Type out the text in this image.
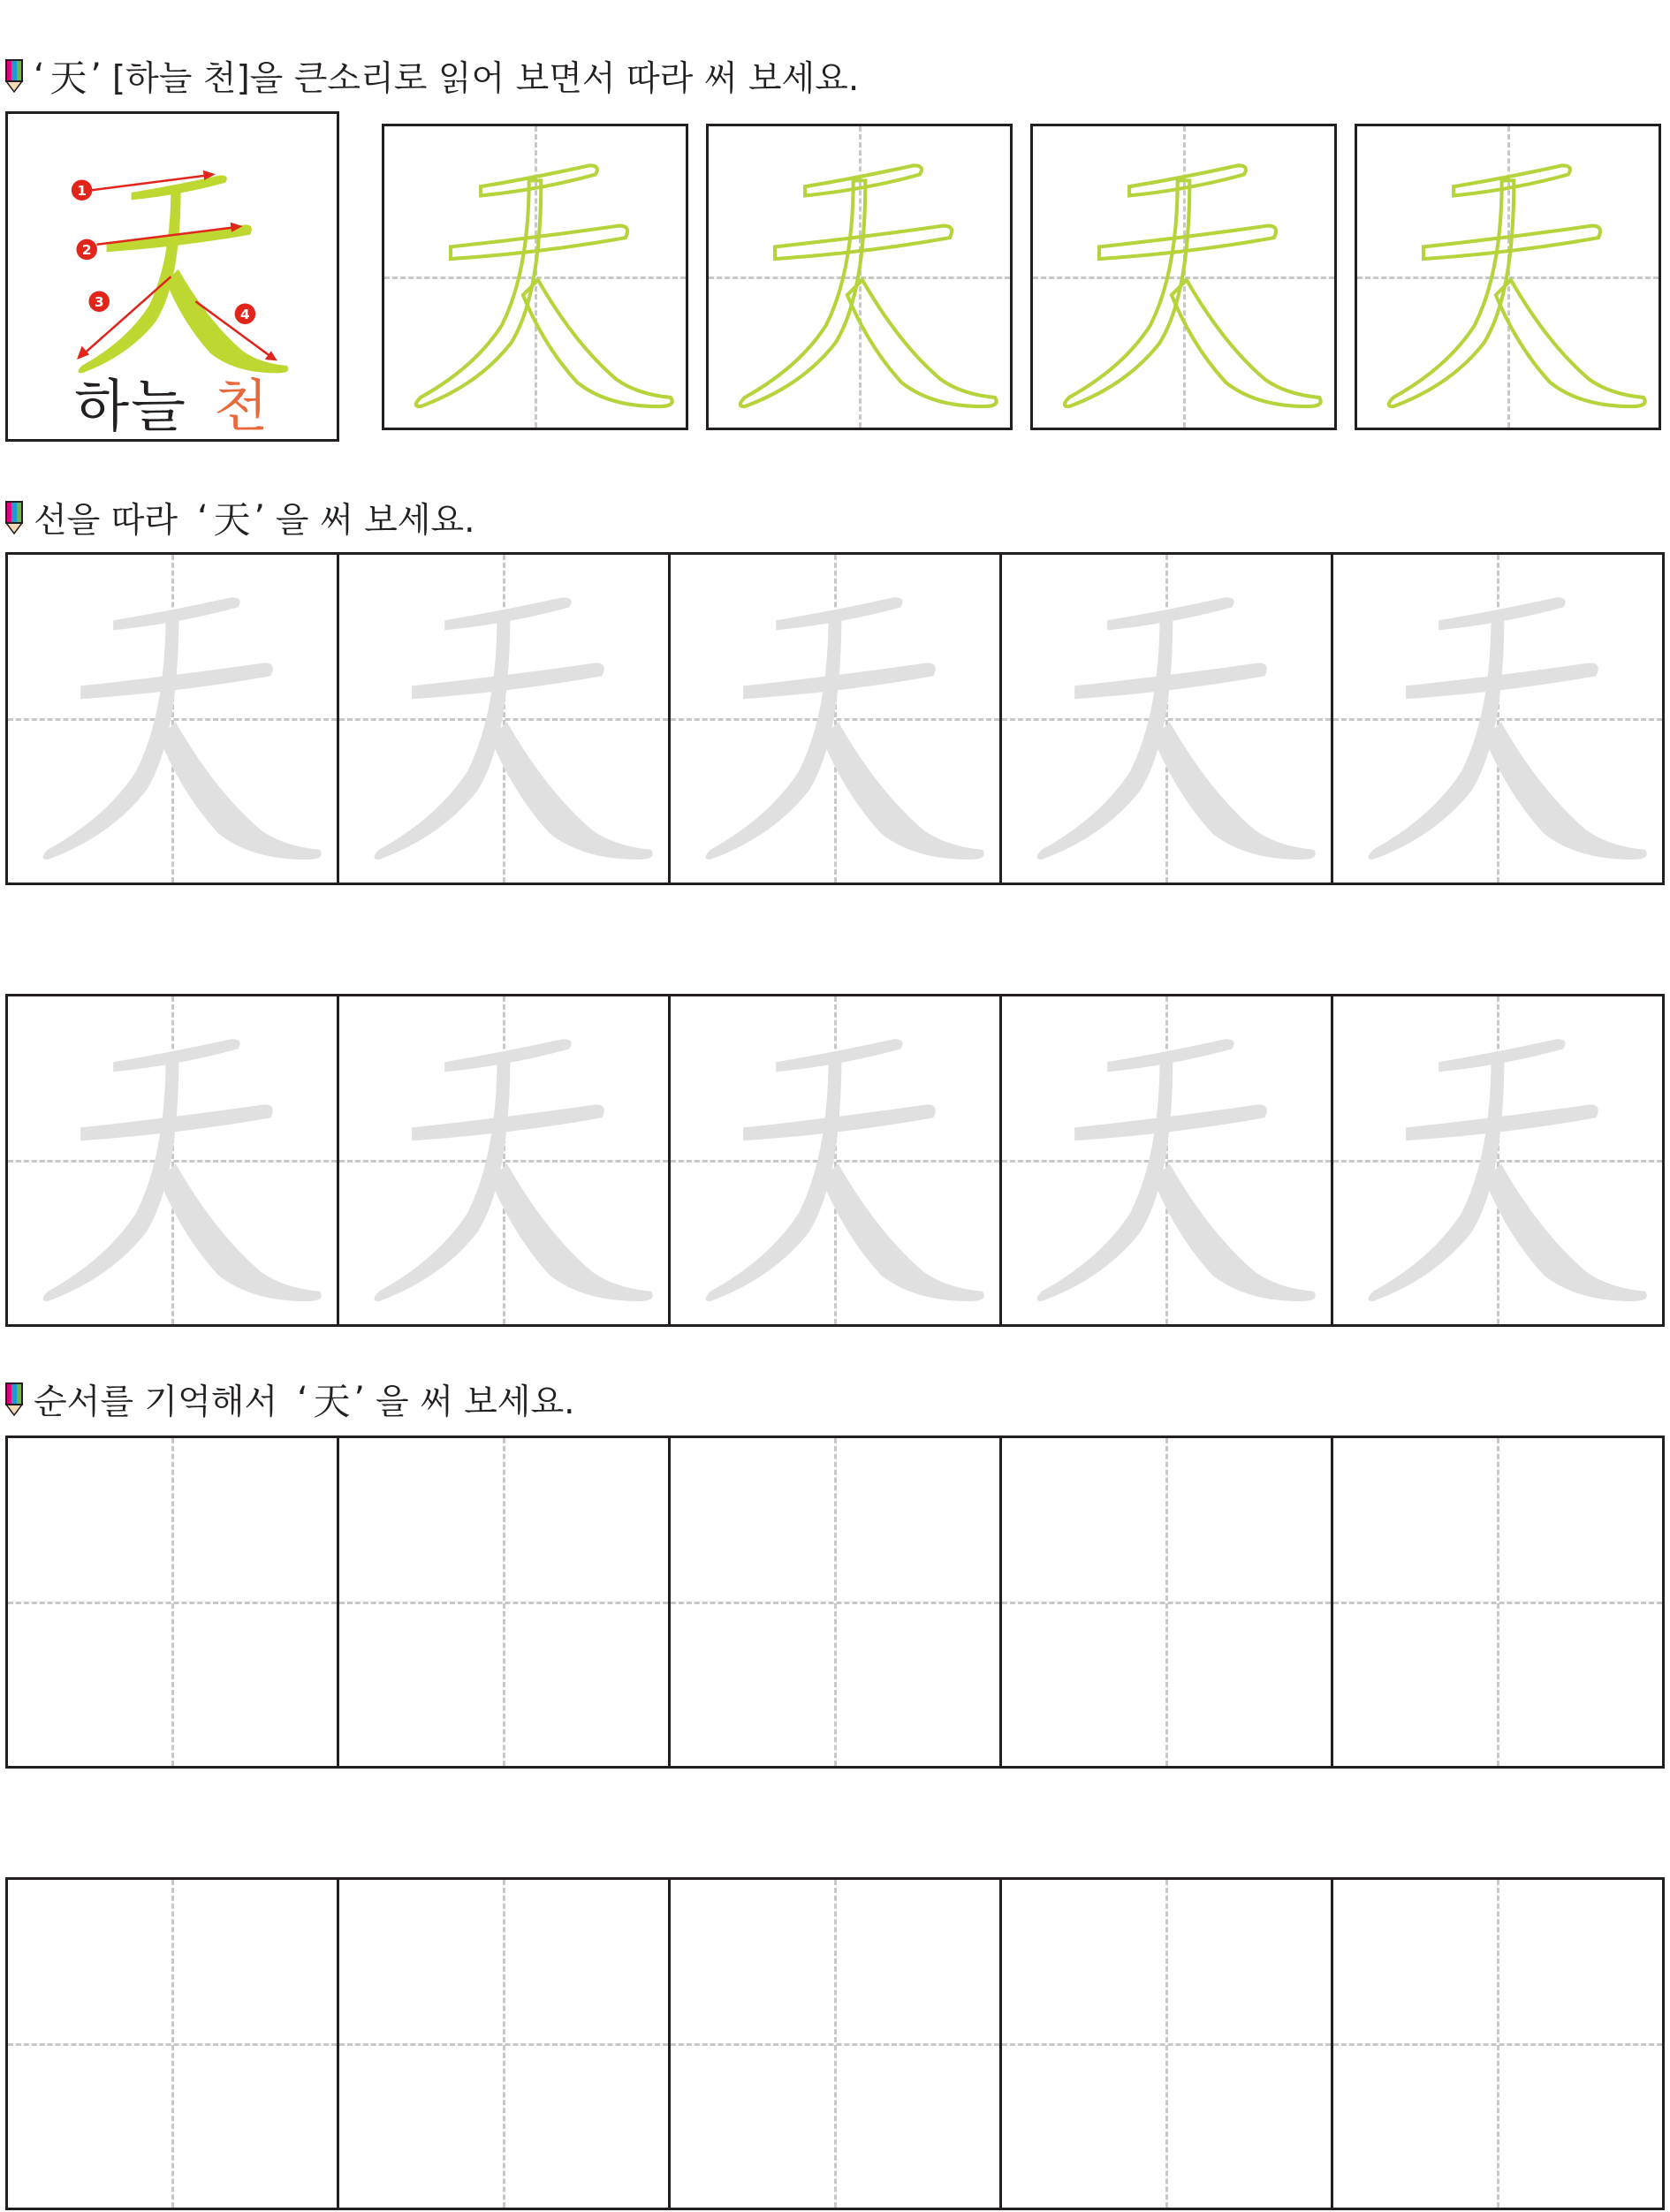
‘ 天 ’ [하늘 천]을 큰소리로 읽어 보면서 따라 써 보세요.
1
2
3
4
하늘 천
선을 따라 ‘ 天 ’ 을 써 보세요.
순서를 기억해서 ‘ 天 ’ 을 써 보세요.
